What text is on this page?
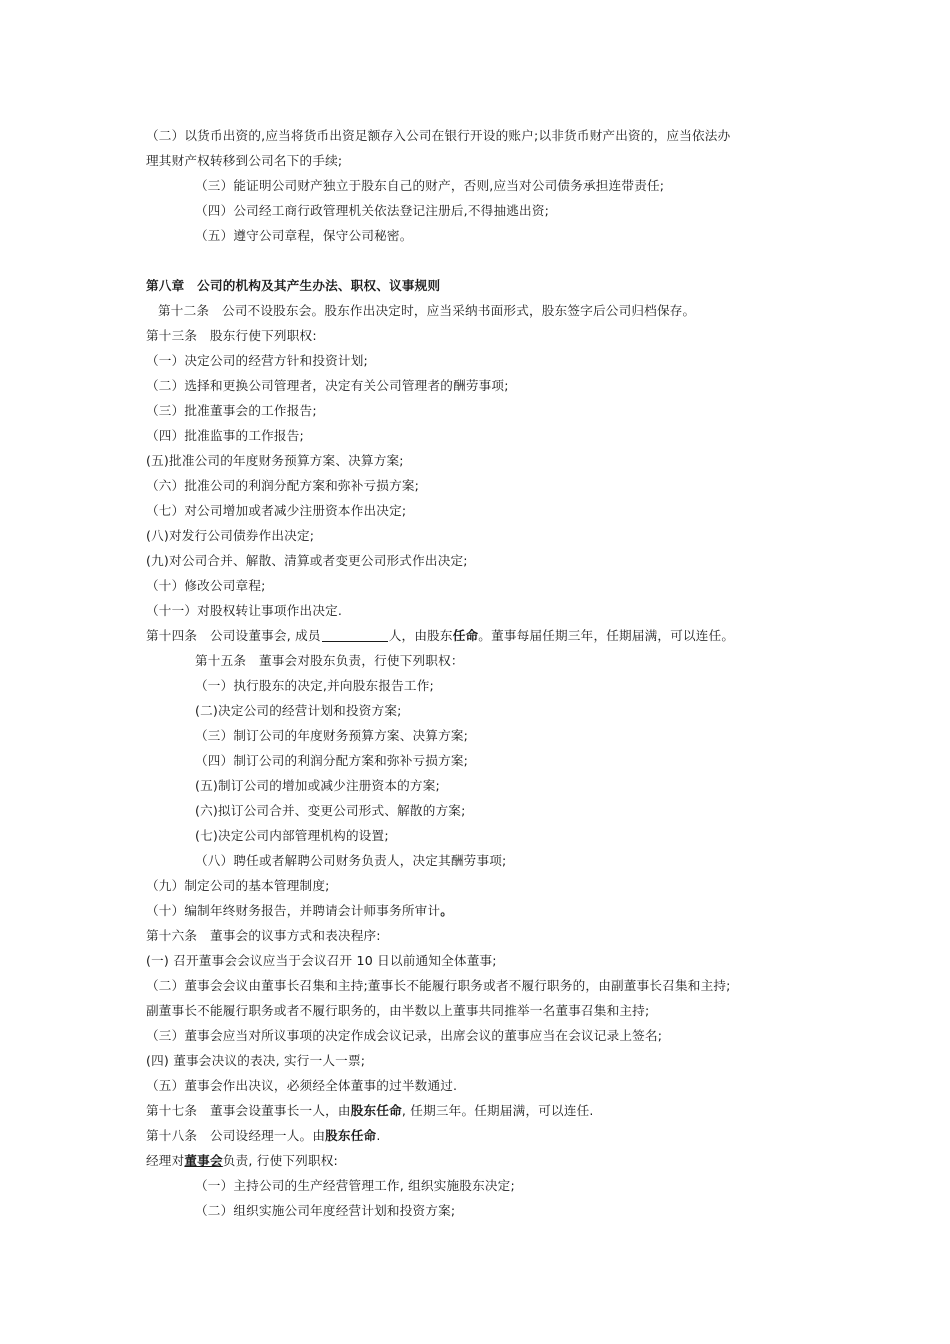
（二）以货币出资的,应当将货币出资足额存入公司在银行开设的账户;以非货币财产出资的，应当依法办
理其财产权转移到公司名下的手续;
（三）能证明公司财产独立于股东自己的财产，否则,应当对公司债务承担连带责任;
（四）公司经工商行政管理机关依法登记注册后,不得抽逃出资;
（五）遵守公司章程，保守公司秘密。
第八章　公司的机构及其产生办法、职权、议事规则
第十二条　公司不设股东会。股东作出决定时，应当采纳书面形式，股东签字后公司归档保存。
第十三条　股东行使下列职权:
（一）决定公司的经营方针和投资计划;
（二）选择和更换公司管理者，决定有关公司管理者的酬劳事项;
（三）批准董事会的工作报告;
（四）批准监事的工作报告;
(五)批准公司的年度财务预算方案、决算方案;
（六）批准公司的利润分配方案和弥补亏损方案;
（七）对公司增加或者减少注册资本作出决定;
(八)对发行公司债券作出决定;
(九)对公司合并、解散、清算或者变更公司形式作出决定;
（十）修改公司章程;
（十一）对股权转让事项作出决定.
第十四条　公司设董事会, 成员	人，由股东任命。董事每届任期三年，任期届满，可以连任。
第十五条　董事会对股东负责，行使下列职权：
（一）执行股东的决定,并向股东报告工作;
(二)决定公司的经营计划和投资方案;
（三）制订公司的年度财务预算方案、决算方案;
（四）制订公司的利润分配方案和弥补亏损方案;
(五)制订公司的增加或减少注册资本的方案;
(六)拟订公司合并、变更公司形式、解散的方案;
(七)决定公司内部管理机构的设置;
（八）聘任或者解聘公司财务负责人，决定其酬劳事项;
（九）制定公司的基本管理制度;
（十）编制年终财务报告，并聘请会计师事务所审计。
第十六条　董事会的议事方式和表决程序:
(一) 召开董事会会议应当于会议召开 10 日以前通知全体董事;
（二）董事会会议由董事长召集和主持;董事长不能履行职务或者不履行职务的，由副董事长召集和主持;
副董事长不能履行职务或者不履行职务的，由半数以上董事共同推举一名董事召集和主持;
（三）董事会应当对所议事项的决定作成会议记录，出席会议的董事应当在会议记录上签名;
(四) 董事会决议的表决, 实行一人一票;
（五）董事会作出决议，必须经全体董事的过半数通过.
第十七条　董事会设董事长一人，由股东任命, 任期三年。任期届满，可以连任.
第十八条　公司设经理一人。由股东任命.
经理对董事会负责, 行使下列职权:
（一）主持公司的生产经营管理工作, 组织实施股东决定;
（二）组织实施公司年度经营计划和投资方案;
